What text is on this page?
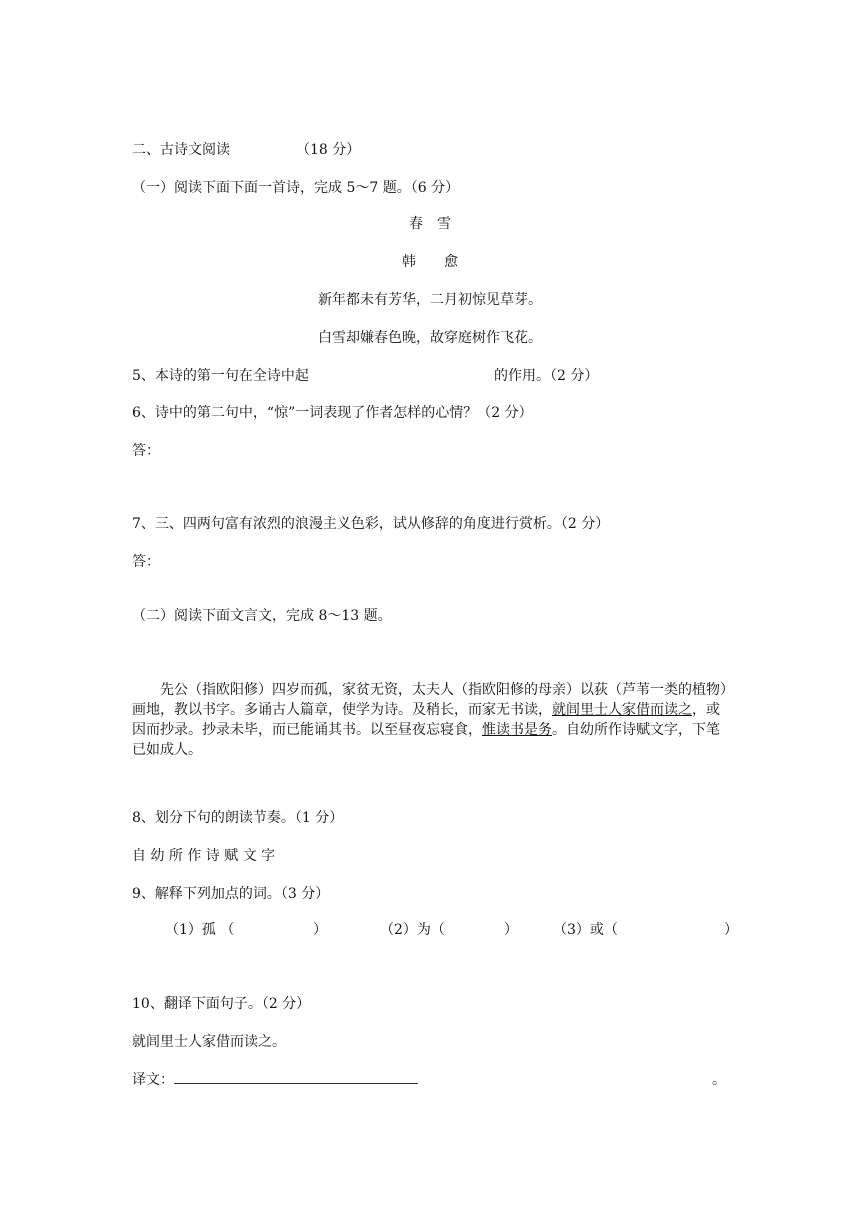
二、古诗文阅读	（18 分）
（一）阅读下面下面一首诗，完成 5～7 题。（6 分）
春　雪
韩　　愈
新年都未有芳华，二月初惊见草芽。
白雪却嫌春色晚，故穿庭树作飞花。
5、本诗的第一句在全诗中起	的作用。（2 分）
6、诗中的第二句中，“惊”一词表现了作者怎样的心情？（2 分）
答：
7、三、四两句富有浓烈的浪漫主义色彩，试从修辞的角度进行赏析。（2 分）
答：
（二）阅读下面文言文，完成 8～13 题。
先公（指欧阳修）四岁而孤，家贫无资，太夫人（指欧阳修的母亲）以荻（芦苇一类的植物）画地，教以书字。多诵古人篇章，使学为诗。及稍长，而家无书读，就闾里士人家借而读之，或因而抄录。抄录未毕，而已能诵其书。以至昼夜忘寝食，惟读书是务。自幼所作诗赋文字，下笔已如成人。
8、划分下句的朗读节奏。（1 分）
自 幼 所 作 诗 赋 文 字
9、解释下列加点的词。（3 分）
（1）孤 （	）	（2）为（	）	（3）或（	）
10、翻译下面句子。（2 分）
就闾里士人家借而读之。
译文：	。
